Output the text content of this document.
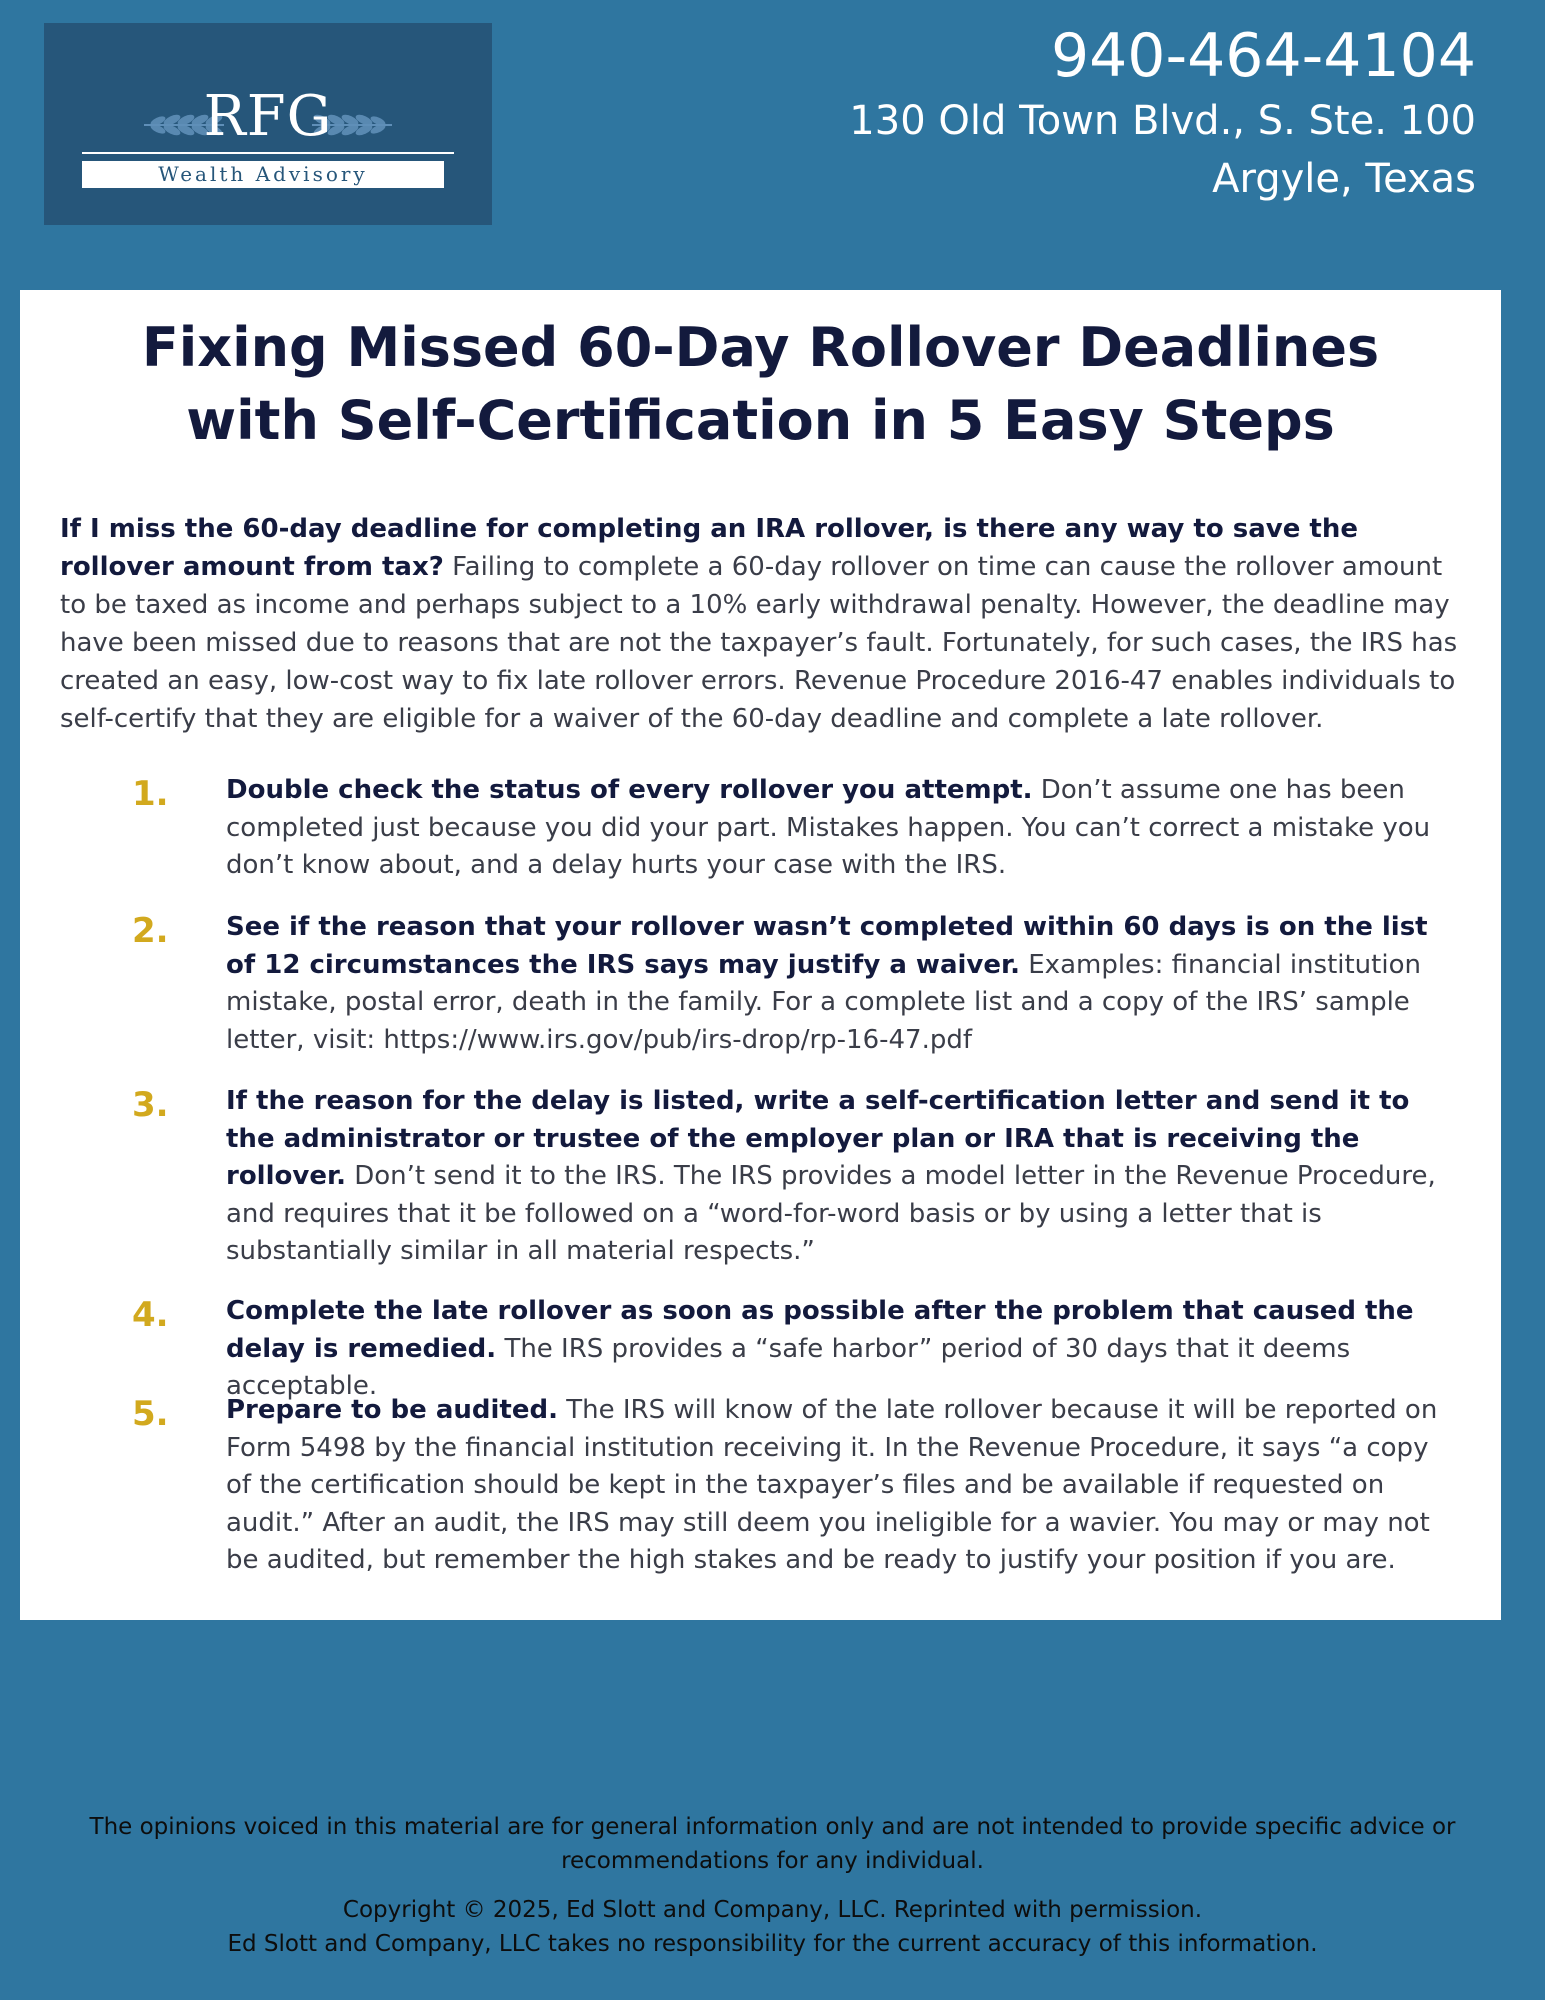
RFG
Wealth Advisory
940-464-4104
130 Old Town Blvd., S. Ste. 100
Argyle, Texas
Fixing Missed 60-Day Rollover Deadlines
with Self-Certification in 5 Easy Steps
If I miss the 60-day deadline for completing an IRA rollover, is there any way to save the rollover amount from tax? Failing to complete a 60-day rollover on time can cause the rollover amount to be taxed as income and perhaps subject to a 10% early withdrawal penalty. However, the deadline may have been missed due to reasons that are not the taxpayer’s fault. Fortunately, for such cases, the IRS has created an easy, low-cost way to fix late rollover errors. Revenue Procedure 2016-47 enables individuals to self-certify that they are eligible for a waiver of the 60-day deadline and complete a late rollover.
1. Double check the status of every rollover you attempt. Don’t assume one has been completed just because you did your part. Mistakes happen. You can’t correct a mistake you don’t know about, and a delay hurts your case with the IRS.
2. See if the reason that your rollover wasn’t completed within 60 days is on the list of 12 circumstances the IRS says may justify a waiver. Examples: financial institution mistake, postal error, death in the family. For a complete list and a copy of the IRS’ sample letter, visit: https://www.irs.gov/pub/irs-drop/rp-16-47.pdf
3. If the reason for the delay is listed, write a self-certification letter and send it to the administrator or trustee of the employer plan or IRA that is receiving the rollover. Don’t send it to the IRS. The IRS provides a model letter in the Revenue Procedure, and requires that it be followed on a “word-for-word basis or by using a letter that is substantially similar in all material respects.”
4. Complete the late rollover as soon as possible after the problem that caused the delay is remedied. The IRS provides a “safe harbor” period of 30 days that it deems acceptable.
5. Prepare to be audited. The IRS will know of the late rollover because it will be reported on Form 5498 by the financial institution receiving it. In the Revenue Procedure, it says “a copy of the certification should be kept in the taxpayer’s files and be available if requested on audit.” After an audit, the IRS may still deem you ineligible for a wavier. You may or may not be audited, but remember the high stakes and be ready to justify your position if you are.
The opinions voiced in this material are for general information only and are not intended to provide specific advice or recommendations for any individual.
Copyright © 2025, Ed Slott and Company, LLC. Reprinted with permission.
Ed Slott and Company, LLC takes no responsibility for the current accuracy of this information.
